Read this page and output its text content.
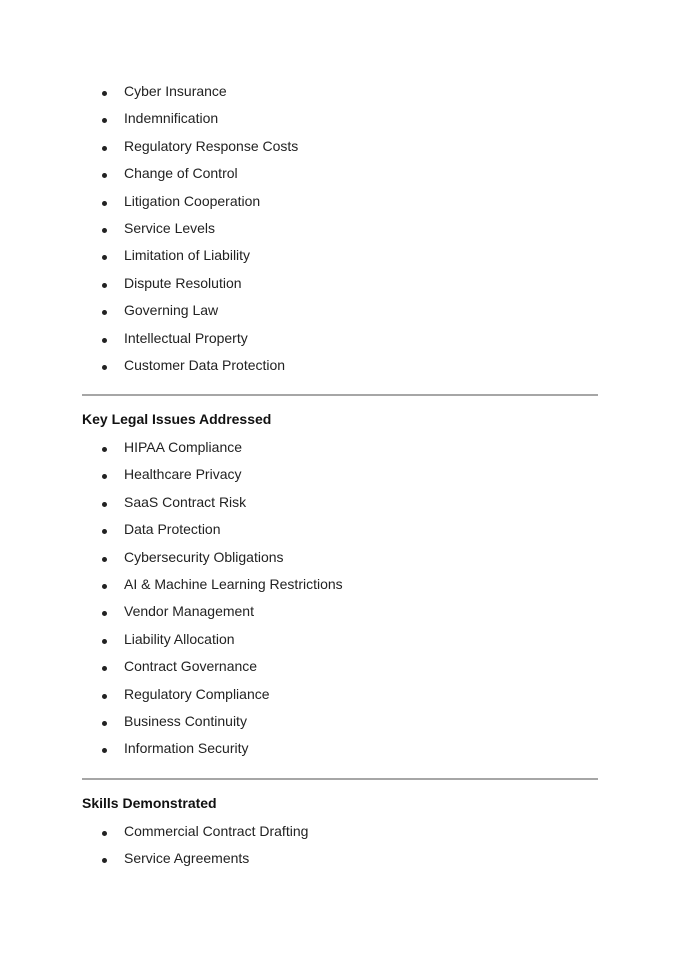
Cyber Insurance
Indemnification
Regulatory Response Costs
Change of Control
Litigation Cooperation
Service Levels
Limitation of Liability
Dispute Resolution
Governing Law
Intellectual Property
Customer Data Protection
Key Legal Issues Addressed
HIPAA Compliance
Healthcare Privacy
SaaS Contract Risk
Data Protection
Cybersecurity Obligations
AI & Machine Learning Restrictions
Vendor Management
Liability Allocation
Contract Governance
Regulatory Compliance
Business Continuity
Information Security
Skills Demonstrated
Commercial Contract Drafting
Service Agreements
